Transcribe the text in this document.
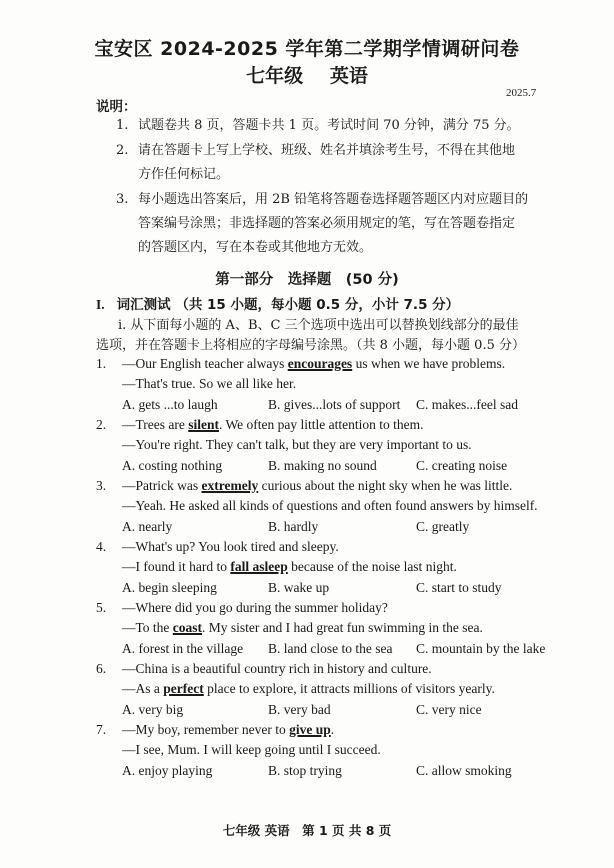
宝安区 2024-2025 学年第二学期学情调研问卷
七年级 英语
2025.7
说明：
1. 试题卷共 8 页，答题卡共 1 页。考试时间 70 分钟，满分 75 分。
2. 请在答题卡上写上学校、班级、姓名并填涂考生号，不得在其他地
方作任何标记。
3. 每小题选出答案后，用 2B 铅笔将答题卷选择题答题区内对应题目的
答案编号涂黑；非选择题的答案必须用规定的笔，写在答题卷指定
的答题区内，写在本卷或其他地方无效。
第一部分　选择题　(50 分)
I. 词汇测试 （共 15 小题，每小题 0.5 分，小计 7.5 分）
i. 从下面每小题的 A、B、C 三个选项中选出可以替换划线部分的最佳
选项，并在答题卡上将相应的字母编号涂黑。（共 8 小题，每小题 0.5 分）
1. —Our English teacher always encourages us when we have problems.
—That's true. So we all like her.
A. gets ...to laugh	B. gives...lots of support C. makes...feel sad
2. —Trees are silent. We often pay little attention to them.
—You're right. They can't talk, but they are very important to us.
A. costing nothing	B. making no sound	C. creating noise
3. —Patrick was extremely curious about the night sky when he was little.
—Yeah. He asked all kinds of questions and often found answers by himself.
A. nearly	B. hardly	C. greatly
4. —What's up? You look tired and sleepy.
—I found it hard to fall asleep because of the noise last night.
A. begin sleeping	B. wake up	C. start to study
5. —Where did you go during the summer holiday?
—To the coast. My sister and I had great fun swimming in the sea.
A. forest in the village B. land close to the sea C. mountain by the lake
6. —China is a beautiful country rich in history and culture.
—As a perfect place to explore, it attracts millions of visitors yearly.
A. very big	B. very bad	C. very nice
7. —My boy, remember never to give up.
—I see, Mum. I will keep going until I succeed.
A. enjoy playing	B. stop trying	C. allow smoking
七年级 英语　第 1 页 共 8 页
